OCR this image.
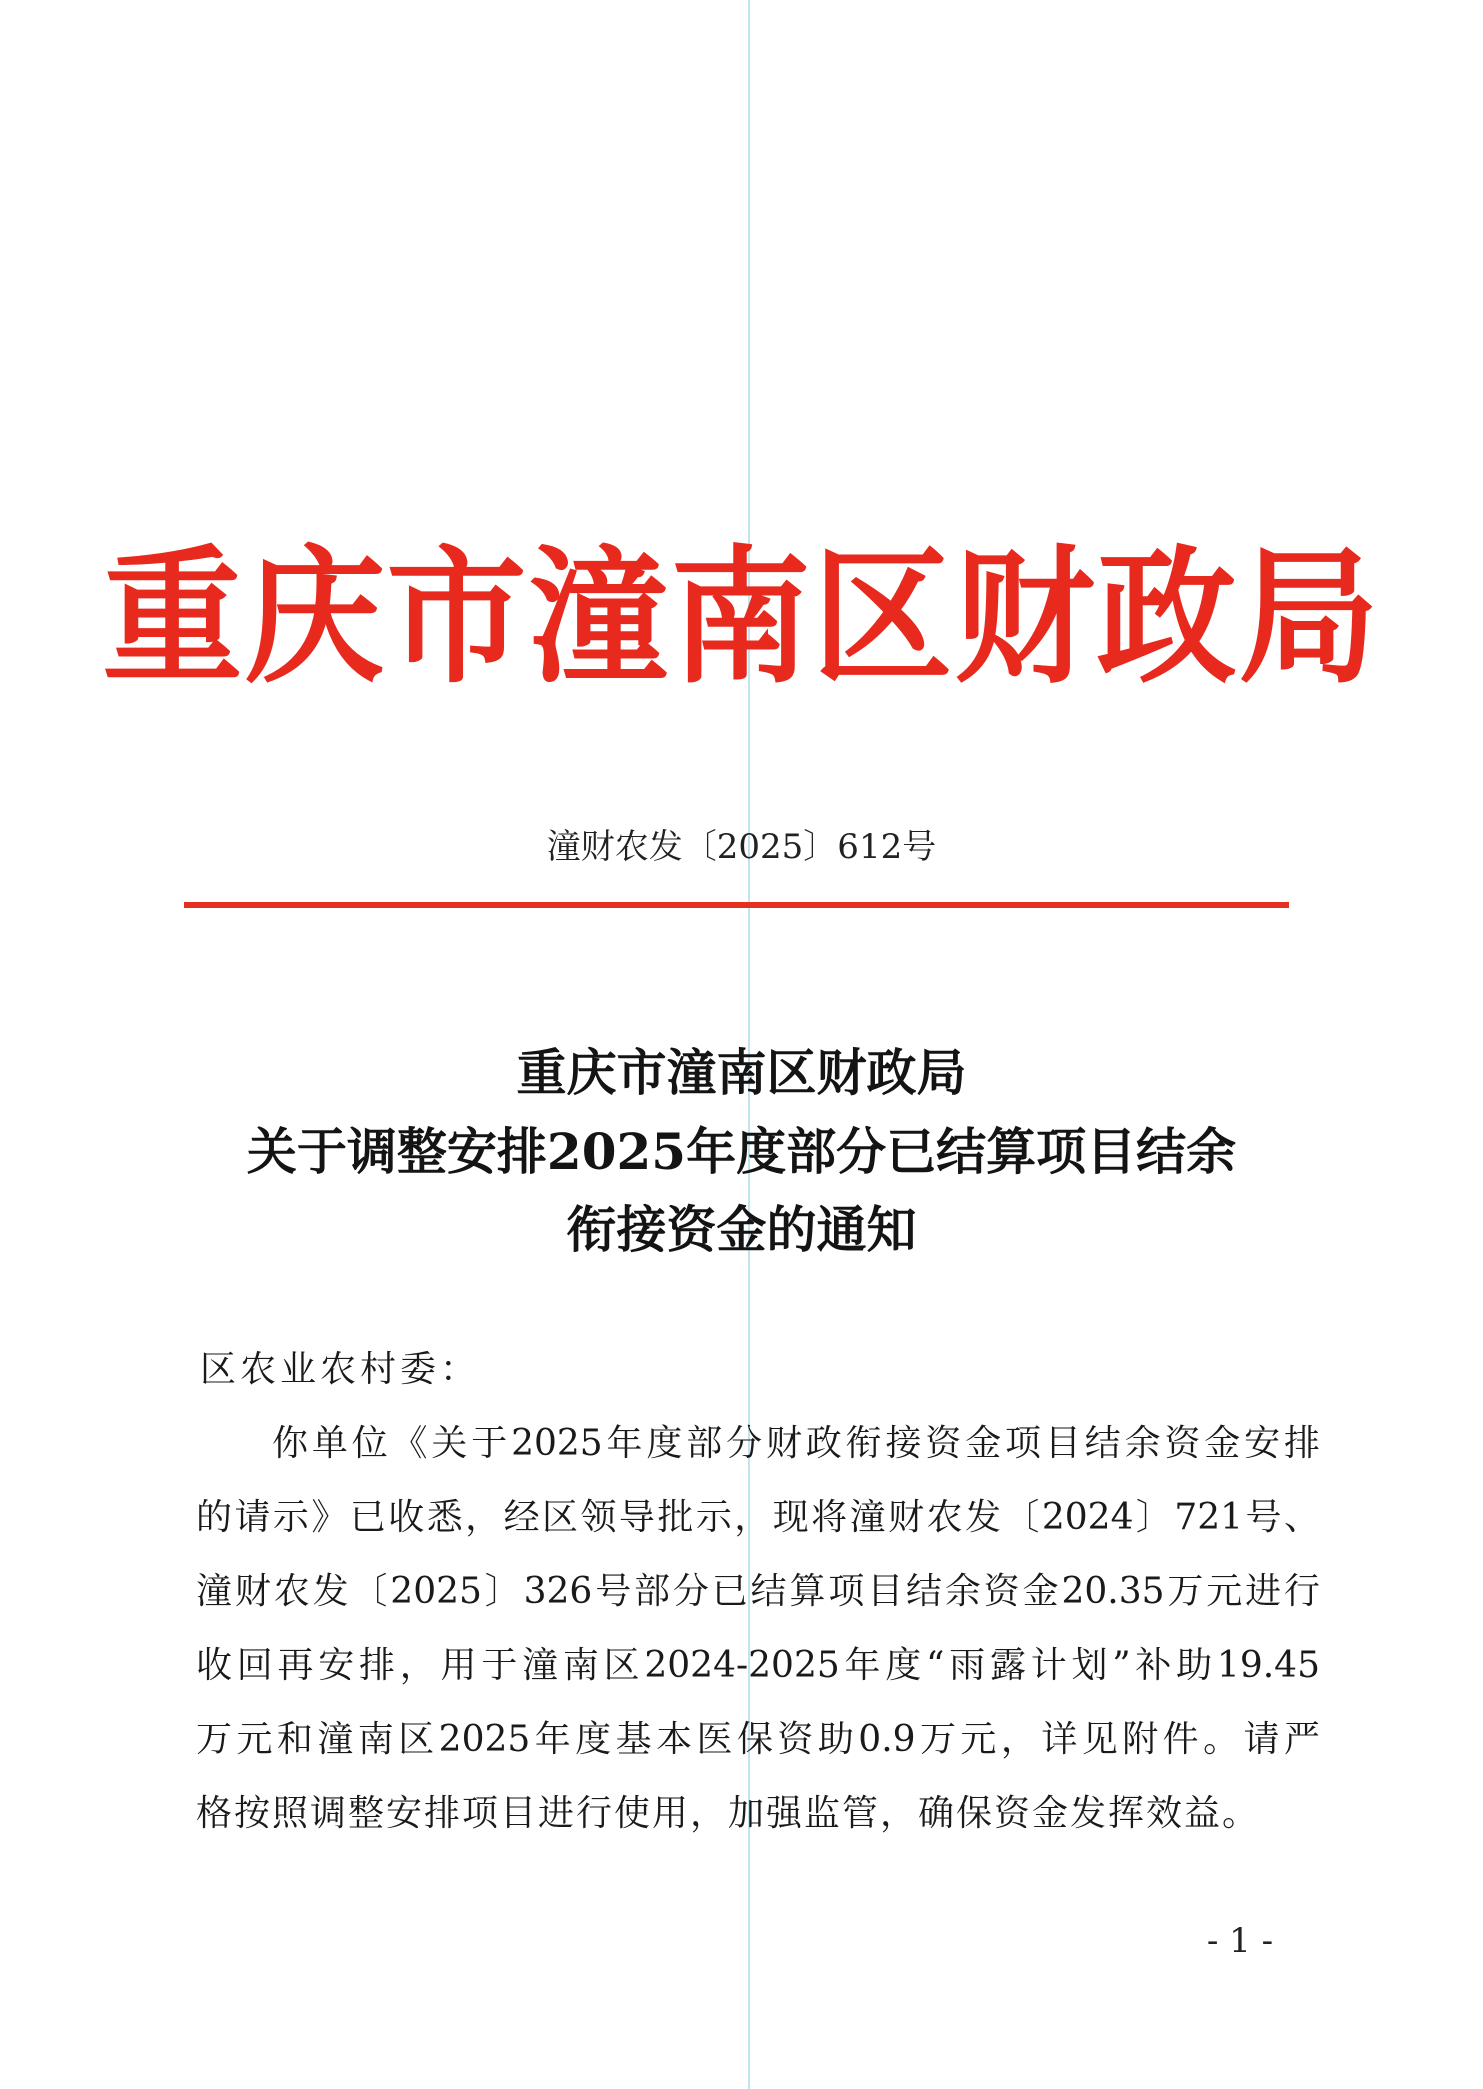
重庆市潼南区财政局
潼财农发〔2025〕612号
重庆市潼南区财政局
关于调整安排2025年度部分已结算项目结余
衔接资金的通知
区农业农村委：
你单位《关于2025年度部分财政衔接资金项目结余资金安排
的请示》已收悉，经区领导批示，现将潼财农发〔2024〕721号、
潼财农发〔2025〕326号部分已结算项目结余资金20.35万元进行
收回再安排，用于潼南区2024-2025年度“雨露计划”补助19.45
万元和潼南区2025年度基本医保资助0.9万元，详见附件。请严
格按照调整安排项目进行使用，加强监管，确保资金发挥效益。
- 1 -
